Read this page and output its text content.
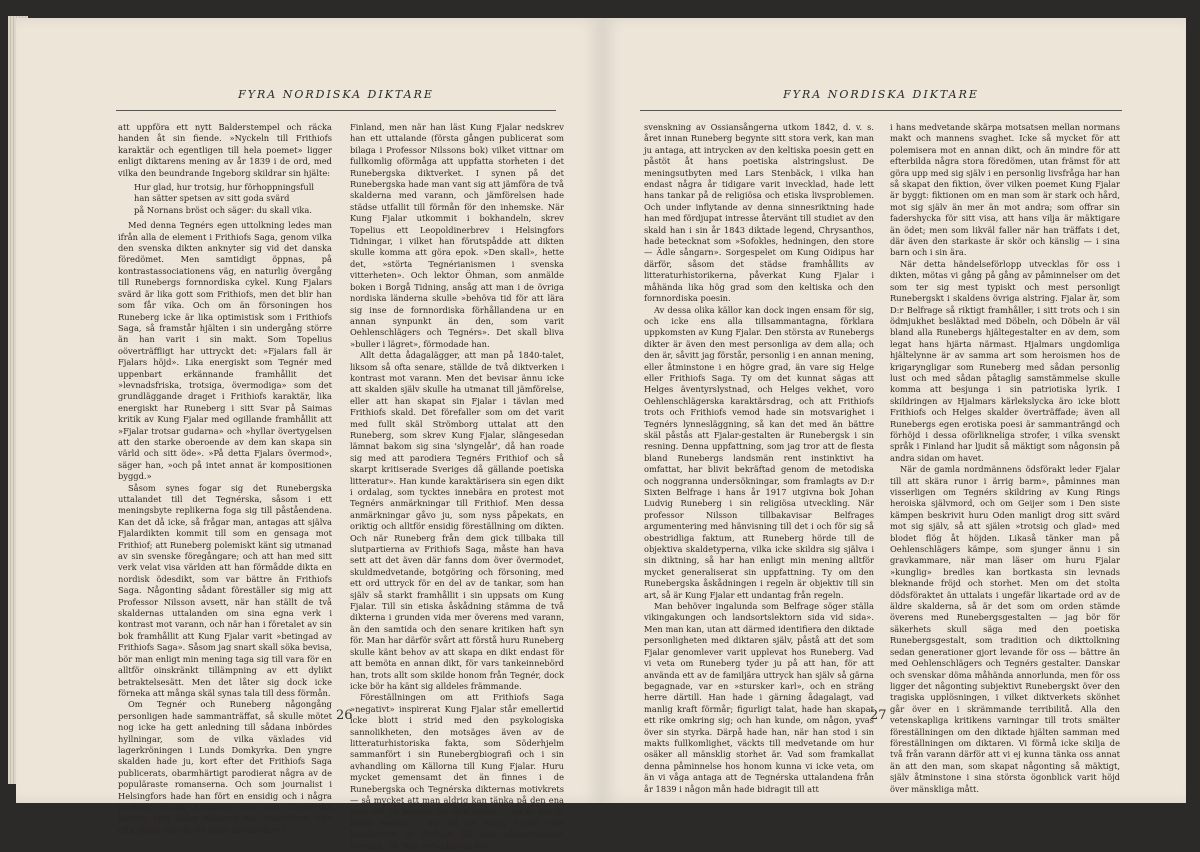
FYRA NORDISKA DIKTARE

att uppföra ett nytt Balderstempel och räcka handen åt sin fiende. »Nyckeln till Frithiofs karaktär och egentligen till hela poemet» ligger enligt diktarens mening av år 1839 i de ord, med vilka den beundrande Ingeborg skildrar sin hjälte:

Hur glad, hur trotsig, hur förhoppningsfull
han sätter spetsen av sitt goda svärd
på Nornans bröst och säger: du skall vika.

Med denna Tegnérs egen uttolkning ledes man ifrån alla de element i Frithiofs Saga, genom vilka den svenska dikten anknyter sig vid det danska föredömet. Men samtidigt öppnas, på kontrastassociationens väg, en naturlig övergång till Runebergs fornnordiska cykel. Kung Fjalars svärd är lika gott som Frithiofs, men det blir han som får vika. Och om än försoningen hos Runeberg icke är lika optimistisk som i Frithiofs Saga, så framstår hjälten i sin undergång större än han varit i sin makt. Som Topelius oöverträffligt har uttryckt det: »Fjalars fall är Fjalars höjd». Lika energiskt som Tegnér med uppenbart erkännande framhållit det »levnadsfriska, trotsiga, övermodiga» som det grundläggande draget i Frithiofs karaktär, lika energiskt har Runeberg i sitt Svar på Saimas kritik av Kung Fjalar med ogillande framhållit att »Fjalar trotsar gudarna» och »hyllar övertygelsen att den starke oberoende av dem kan skapa sin värld och sitt öde». »På detta Fjalars övermod», säger han, »och på intet annat är kompositionen byggd.»

Såsom synes fogar sig det Runebergska uttalandet till det Tegnérska, såsom i ett meningsbyte replikerna foga sig till påståendena. Kan det då icke, så frågar man, antagas att själva Fjalardikten kommit till som en gensaga mot Frithiof; att Runeberg polemiskt känt sig utmanad av sin svenske föregångare; och att han med sitt verk velat visa världen att han förmådde dikta en nordisk ödesdikt, som var bättre än Frithiofs Saga. Någonting sådant föreställer sig mig att Professor Nilsson avsett, när han ställt de två skaldernas uttalanden om sina egna verk i kontrast mot varann, och när han i företalet av sin bok framhållit att Kung Fjalar varit »betingad av Frithiofs Saga». Såsom jag snart skall söka bevisa, bör man enligt min mening taga sig till vara för en alltför oinskränkt tillämpning av ett dylikt betraktelsesätt. Men det låter sig dock icke förneka att många skäl synas tala till dess förmån.

Om Tegnér och Runeberg någongång personligen hade sammanträffat, så skulle mötet nog icke ha gett anledning till sådana inbördes hyllningar, som de vilka växlades vid lagerkröningen i Lunds Domkyrka. Den yngre skalden hade ju, kort efter det Frithiofs Saga publicerats, obarmhärtigt parodierat några av de populäraste romanserna. Och som journalist i Helsingfors hade han fört en ensidig och i några punkter obillig kampanj mot den Tegnérska poesin. Den äldre diktaren har visserligen icke ofta yttrat sig om sin store medtävlare i

Finland, men när han läst Kung Fjalar nedskrev han ett uttalande (första gången publicerat som bilaga i Professor Nilssons bok) vilket vittnar om fullkomlig oförmåga att uppfatta storheten i det Runebergska diktverket. I synen på det Runebergska hade man vant sig att jämföra de två skalderna med varann, och jämförelsen hade städse utfallit till förmån för den inhemske. När Kung Fjalar utkommit i bokhandeln, skrev Topelius ett Leopoldinerbrev i Helsingfors Tidningar, i vilket han förutspådde att dikten skulle komma att göra epok. »Den skall», hette det, »störta Tegnérianismen i svenska vitterheten». Och lektor Öhman, som anmälde boken i Borgå Tidning, ansåg att man i de övriga nordiska länderna skulle »behöva tid för att lära sig inse de fornnordiska förhållandena ur en annan synpunkt än den, som varit Oehlenschlägers och Tegnérs». Det skall bliva »buller i lägret», förmodade han.

Allt detta ådagalägger, att man på 1840-talet, liksom så ofta senare, ställde de två diktverken i kontrast mot varann. Men det bevisar ännu icke att skalden själv skulle ha utmanat till jämförelse, eller att han skapat sin Fjalar i tävlan med Frithiofs skald. Det förefaller som om det varit med fullt skäl Strömborg uttalat att den Runeberg, som skrev Kung Fjalar, slängesedan lämnat bakom sig sina 'slyngelår', då han roade sig med att parodiera Tegnérs Frithiof och så skarpt kritiserade Sveriges då gällande poetiska litteratur». Han kunde karaktärisera sin egen dikt i ordalag, som tycktes innebära en protest mot Tegnérs anmärkningar till Frithiof. Men dessa anmärkningar gåvo ju, som nyss påpekats, en oriktig och alltför ensidig föreställning om dikten. Och när Runeberg från dem gick tillbaka till slutpartierna av Frithiofs Saga, måste han hava sett att det även där fanns dom över övermodet, skuldmedvetande, botgöring och försoning, med ett ord uttryck för en del av de tankar, som han själv så starkt framhållit i sin uppsats om Kung Fjalar. Till sin etiska åskådning stämma de två dikterna i grunden vida mer överens med varann, än den samtida och den senare kritiken haft syn för. Man har därför svårt att förstå huru Runeberg skulle känt behov av att skapa en dikt endast för att bemöta en annan dikt, för vars tankeinnebörd han, trots allt som skilde honom från Tegnér, dock icke bör ha känt sig alldeles främmande.

Föreställningen om att Frithiofs Saga »negativt» inspirerat Kung Fjalar står emellertid icke blott i strid med den psykologiska sannolikheten, den motsäges även av de litteraturhistoriska fakta, som Söderhjelm sammanfört i sin Runebergbiografi och i sin avhandling om Källorna till Kung Fjalar. Huru mycket gemensamt det än finnes i de Runebergska och Tegnérska dikternas motivkrets — så mycket att man aldrig kan tänka på den ena utan att bli påmint om den andra — så är det ju likväl endast i en del av Kung Fjalar som handlingen är förlagd till den skandinaviska Norden. Då Nils Arfwidssons för-

26
FYRA NORDISKA DIKTARE

svenskning av Ossiansångerna utkom 1842, d. v. s. året innan Runeberg begynte sitt stora verk, kan man ju antaga, att intrycken av den keltiska poesin gett en påstöt åt hans poetiska alstringslust. De meningsutbyten med Lars Stenbäck, i vilka han endast några år tidigare varit invecklad, hade lett hans tankar på de religiösa och etiska livsproblemen. Och under inflytande av denna sinnesriktning hade han med fördjupat intresse återvänt till studiet av den skald han i sin år 1843 diktade legend, Chrysanthos, hade betecknat som »Sofokles, hedningen, den store — Ädle sångarn». Sorgespelet om Kung Oidipus har därför, såsom det städse framhållits av litteraturhistorikerna, påverkat Kung Fjalar i måhända lika hög grad som den keltiska och den fornnordiska poesin.

Av dessa olika källor kan dock ingen ensam för sig, och icke ens alla tillsammantagna, förklara uppkomsten av Kung Fjalar. Den största av Runebergs dikter är även den mest personliga av dem alla; och den är, såvitt jag förstår, personlig i en annan mening, eller åtminstone i en högre grad, än vare sig Helge eller Frithiofs Saga. Ty om det kunnat sägas att Helges äventyrslystnad, och Helges vekhet, voro Oehlenschlägerska karaktärsdrag, och att Frithiofs trots och Frithiofs vemod hade sin motsvarighet i Tegnérs lynnesläggning, så kan det med än bättre skäl påstås att Fjalar-gestalten är Runebergsk i sin resning. Denna uppfattning, som jag tror att de flesta bland Runebergs landsmän rent instinktivt ha omfattat, har blivit bekräftad genom de metodiska och noggranna undersökningar, som framlagts av D:r Sixten Belfrage i hans år 1917 utgivna bok Johan Ludvig Runeberg i sin religiösa utveckling. När professor Nilsson tillbakavisar Belfrages argumentering med hänvisning till det i och för sig så obestridliga faktum, att Runeberg hörde till de objektiva skaldetyperna, vilka icke skildra sig själva i sin diktning, så har han enligt min mening alltför mycket generaliserat sin uppfattning. Ty om den Runebergska åskådningen i regeln är objektiv till sin art, så är Kung Fjalar ett undantag från regeln.

Man behöver ingalunda som Belfrage söger ställa vikingakungen och landsortslektorn sida vid sida». Men man kan, utan att därmed identifiera den diktade personligheten med diktaren själv, påstå att det som Fjalar genomlever varit upplevat hos Runeberg. Vad vi veta om Runeberg tyder ju på att han, för att använda ett av de familjära uttryck han själv så gärna begagnade, var en »stursker karl», och en sträng herre därtill. Han hade i gärning ådagalagt, vad manlig kraft förmår; figurligt talat, hade han skapat ett rike omkring sig; och han kunde, om någon, yvas över sin styrka. Därpå hade han, när han stod i sin makts fullkomlighet, väckts till medvetande om hur osäker all mänsklig storhet är. Vad som framkallat denna påminnelse hos honom kunna vi icke veta, om än vi våga antaga att de Tegnérska uttalandena från år 1839 i någon mån hade bidragit till att

i hans medvetande skärpa motsatsen mellan normans makt och mannens svaghet. Icke så mycket för att polemisera mot en annan dikt, och än mindre för att efterbilda några stora föredömen, utan främst för att göra upp med sig själv i en personlig livsfråga har han så skapat den fiktion, över vilken poemet Kung Fjalar är byggt: fiktionen om en man som är stark och hård, mot sig själv än mer än mot andra; som offrar sin fadershycka för sitt visa, att hans vilja är mäktigare än ödet; men som likväl faller när han träffats i det, där även den starkaste är skör och känslig — i sina barn och i sin ära.

När detta händelseförlopp utvecklas för oss i dikten, mötas vi gång på gång av påminnelser om det som ter sig mest typiskt och mest personligt Runebergskt i skaldens övriga alstring. Fjalar är, som D:r Belfrage så riktigt framhåller, i sitt trots och i sin ödmjukhet besläktad med Döbeln, och Döbeln är väl bland alla Runebergs hjältegestalter en av dem, som legat hans hjärta närmast. Hjalmars ungdomliga hjältelynne är av samma art som heroismen hos de krigaryngligar som Runeberg med sådan personlig lust och med sådan påtaglig samstämmelse skulle komma att besjunga i sin patriotiska lyrik. I skildringen av Hjalmars kärlekslycka äro icke blott Frithiofs och Helges skalder överträffade; även all Runebergs egen erotiska poesi är sammanträngd och förhöjd i dessa oförlikneliga strofer, i vilka svenskt språk i Finland har ljudit så mäktigt som någonsin på andra sidan om havet.

När de gamla nordmännens ödsförakt leder Fjalar till att skära runor i ärrig barm», påminnes man visserligen om Tegnérs skildring av Kung Rings heroiska självmord, och om Geijer som i Den siste kämpen beskrivit huru Oden manligt drog sitt svärd mot sig själv, så att själen »trotsig och glad» med blodet flög åt höjden. Likaså tänker man på Oehlenschlägers kämpe, som sjunger ännu i sin gravkammare, när man läser om huru Fjalar »kunglig» bredles kan bortkasta sin levnads bleknande fröjd och storhet. Men om det stolta dödsföraktet än uttalats i ungefär likartade ord av de äldre skalderna, så är det som om orden stämde överens med Runebergsgestalten — jag bör för säkerhets skull säga med den poetiska Runebergsgestalt, som tradition och dikttolkning sedan generationer gjort levande för oss — bättre än med Oehlenschlägers och Tegnérs gestalter. Danskar och svenskar döma måhända annorlunda, men för oss ligger det någonting subjektivt Runebergskt över den tragiska upplösningen, i vilket diktverkets skönhet går över en i skrämmande terribilitå. Alla den vetenskapliga kritikens varningar till trots smälter föreställningen om den diktade hjälten samman med föreställningen om diktaren. Vi förmå icke skilja de två från varann därför att vi ej kunna tänka oss annat än att den man, som skapat någonting så mäktigt, själv åtminstone i sina största ögonblick varit höjd över mänskliga mått.

27
